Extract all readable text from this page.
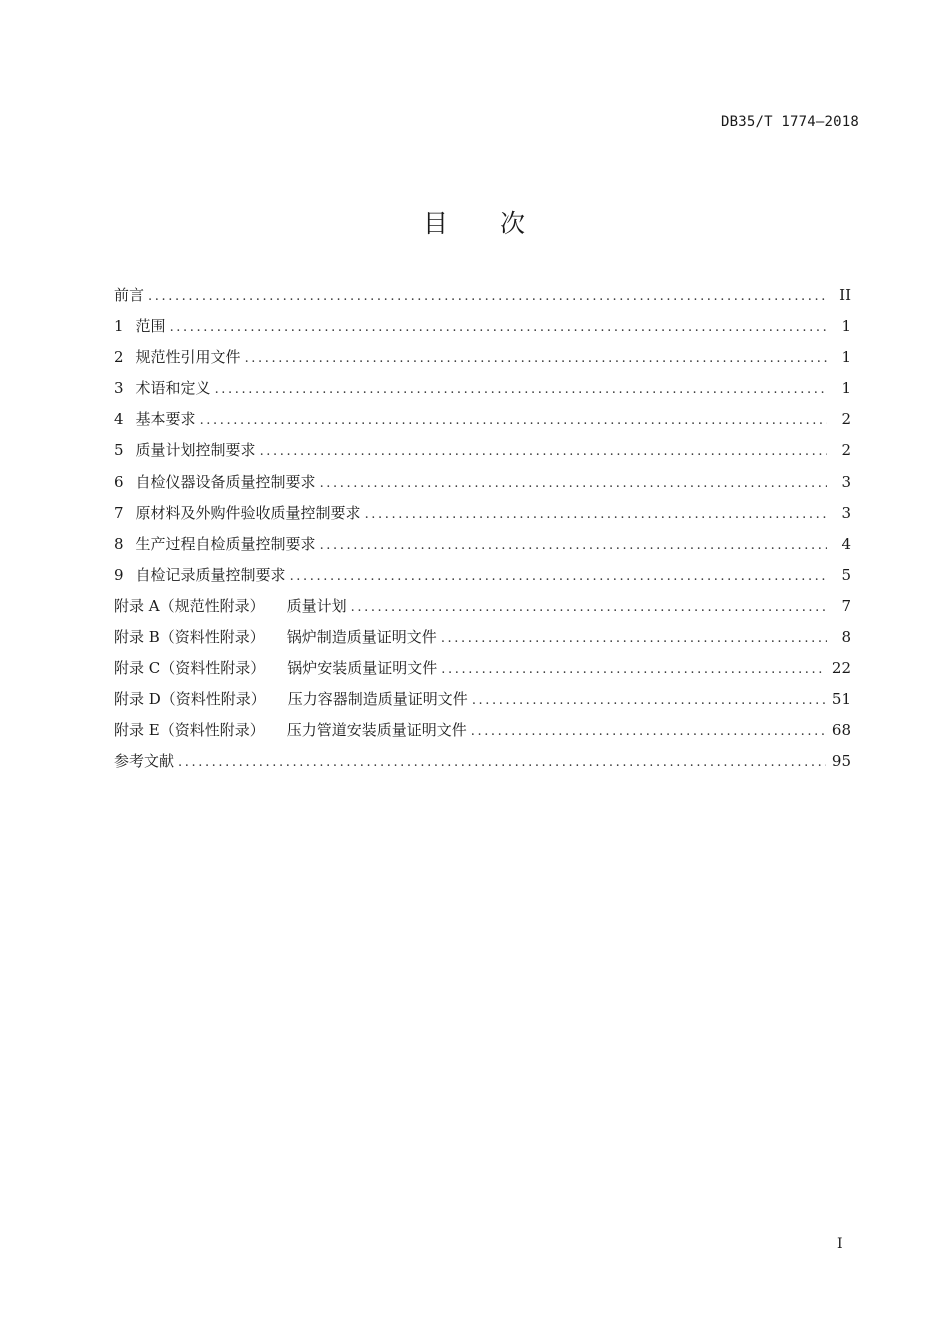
DB35/T 1774—2018
目 次
前言 .....	II
1 范围 .....	1
2 规范性引用文件 .....	1
3 术语和定义 .....	1
4 基本要求 .....	2
5 质量计划控制要求 .....	2
6 自检仪器设备质量控制要求 .....	3
7 原材料及外购件验收质量控制要求 .....	3
8 生产过程自检质量控制要求 .....	4
9 自检记录质量控制要求 .....	5
附录 A（规范性附录） 质量计划 .....	7
附录 B（资料性附录） 锅炉制造质量证明文件 .....	8
附录 C（资料性附录） 锅炉安装质量证明文件 .....	22
附录 D（资料性附录） 压力容器制造质量证明文件 .....	51
附录 E（资料性附录） 压力管道安装质量证明文件 .....	68
参考文献 .....	95
I
